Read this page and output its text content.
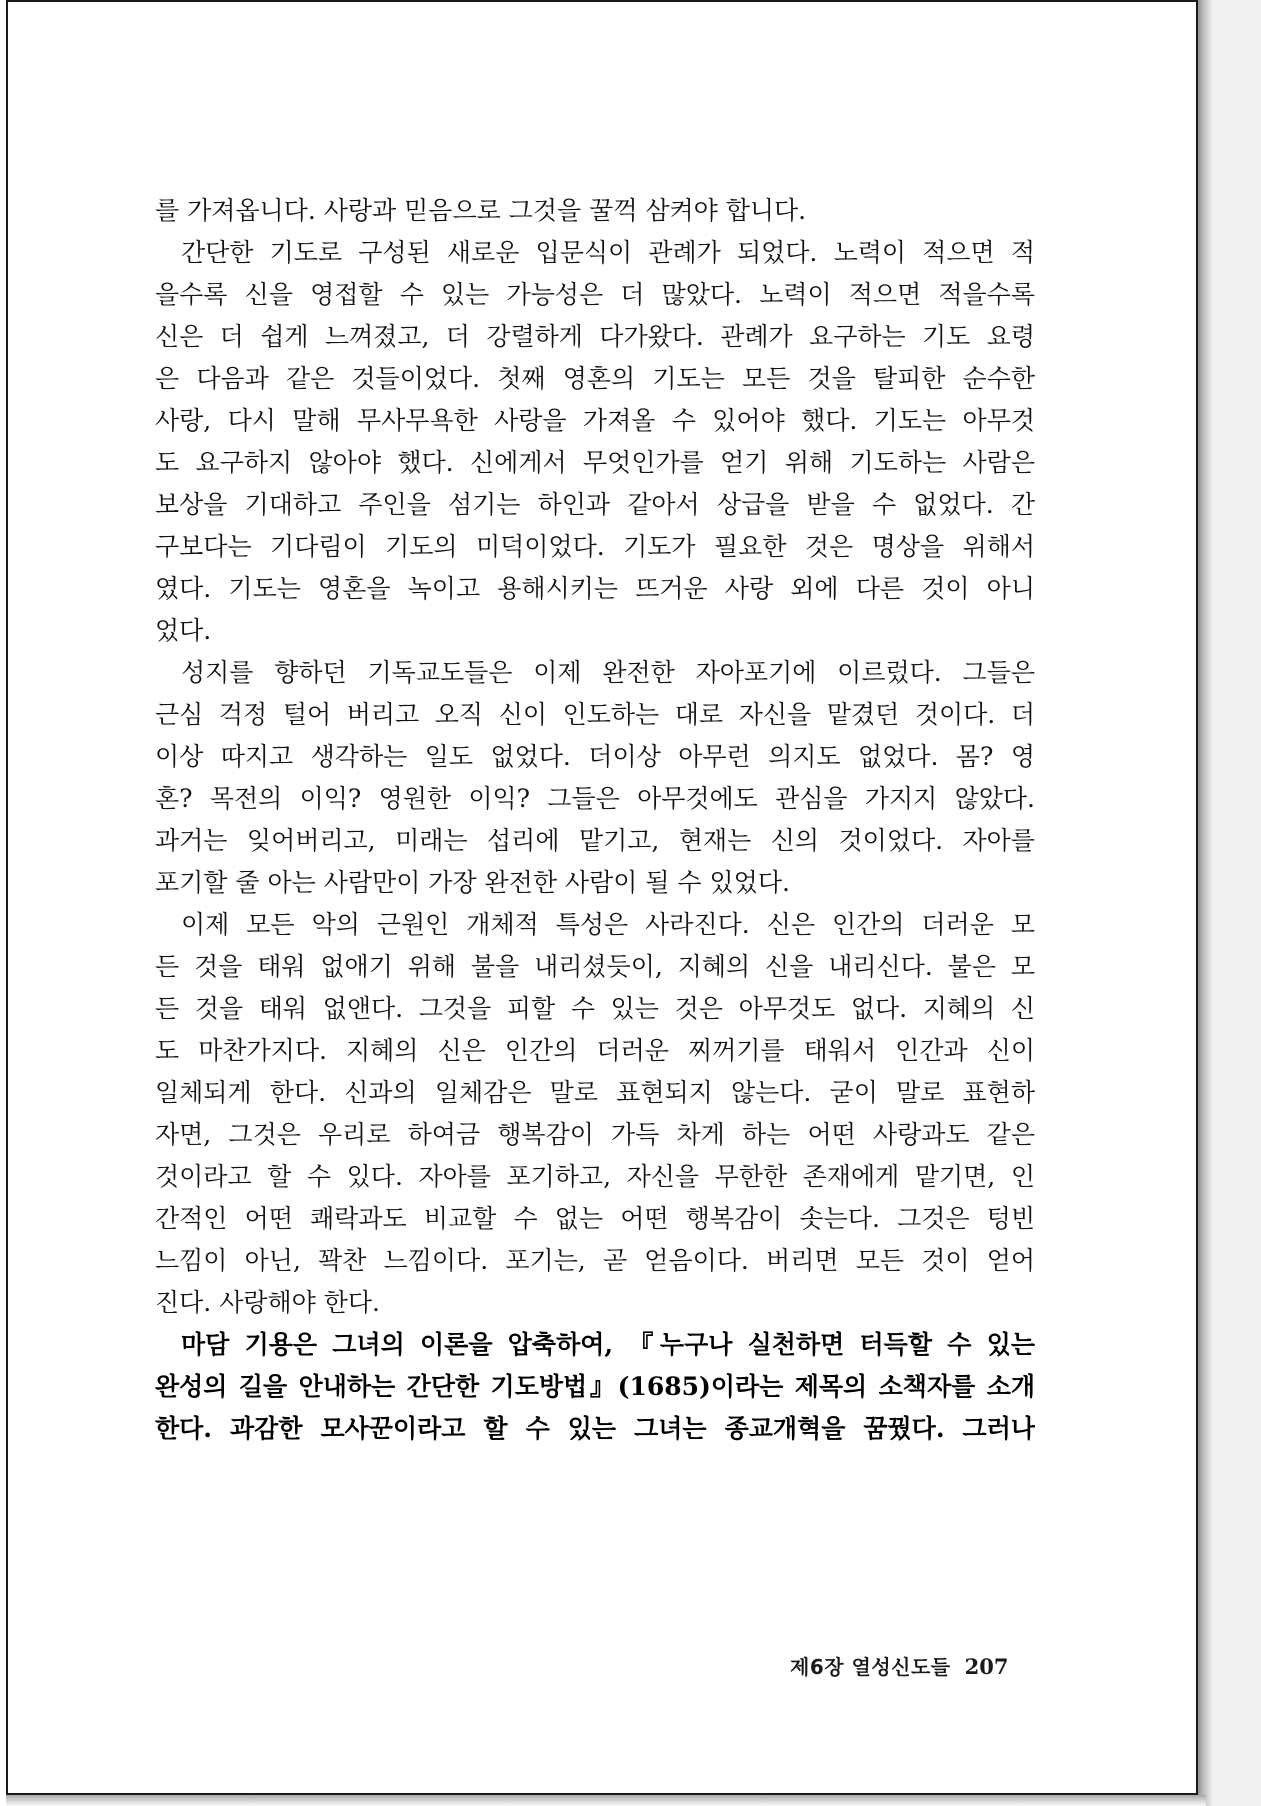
를 가져옵니다. 사랑과 믿음으로 그것을 꿀꺽 삼켜야 합니다.
간단한 기도로 구성된 새로운 입문식이 관례가 되었다. 노력이 적으면 적
을수록 신을 영접할 수 있는 가능성은 더 많았다. 노력이 적으면 적을수록
신은 더 쉽게 느껴졌고, 더 강렬하게 다가왔다. 관례가 요구하는 기도 요령
은 다음과 같은 것들이었다. 첫째 영혼의 기도는 모든 것을 탈피한 순수한
사랑, 다시 말해 무사무욕한 사랑을 가져올 수 있어야 했다. 기도는 아무것
도 요구하지 않아야 했다. 신에게서 무엇인가를 얻기 위해 기도하는 사람은
보상을 기대하고 주인을 섬기는 하인과 같아서 상급을 받을 수 없었다. 간
구보다는 기다림이 기도의 미덕이었다. 기도가 필요한 것은 명상을 위해서
였다. 기도는 영혼을 녹이고 용해시키는 뜨거운 사랑 외에 다른 것이 아니
었다.
성지를 향하던 기독교도들은 이제 완전한 자아포기에 이르렀다. 그들은
근심 걱정 털어 버리고 오직 신이 인도하는 대로 자신을 맡겼던 것이다. 더
이상 따지고 생각하는 일도 없었다. 더이상 아무런 의지도 없었다. 몸? 영
혼? 목전의 이익? 영원한 이익? 그들은 아무것에도 관심을 가지지 않았다.
과거는 잊어버리고, 미래는 섭리에 맡기고, 현재는 신의 것이었다. 자아를
포기할 줄 아는 사람만이 가장 완전한 사람이 될 수 있었다.
이제 모든 악의 근원인 개체적 특성은 사라진다. 신은 인간의 더러운 모
든 것을 태워 없애기 위해 불을 내리셨듯이, 지혜의 신을 내리신다. 불은 모
든 것을 태워 없앤다. 그것을 피할 수 있는 것은 아무것도 없다. 지혜의 신
도 마찬가지다. 지혜의 신은 인간의 더러운 찌꺼기를 태워서 인간과 신이
일체되게 한다. 신과의 일체감은 말로 표현되지 않는다. 굳이 말로 표현하
자면, 그것은 우리로 하여금 행복감이 가득 차게 하는 어떤 사랑과도 같은
것이라고 할 수 있다. 자아를 포기하고, 자신을 무한한 존재에게 맡기면, 인
간적인 어떤 쾌락과도 비교할 수 없는 어떤 행복감이 솟는다. 그것은 텅빈
느낌이 아닌, 꽉찬 느낌이다. 포기는, 곧 얻음이다. 버리면 모든 것이 얻어
진다. 사랑해야 한다.
마담 기용은 그녀의 이론을 압축하여, 『누구나 실천하면 터득할 수 있는
완성의 길을 안내하는 간단한 기도방법』(1685)이라는 제목의 소책자를 소개
한다. 과감한 모사꾼이라고 할 수 있는 그녀는 종교개혁을 꿈꿨다. 그러나
제6장 열성신도들 207
